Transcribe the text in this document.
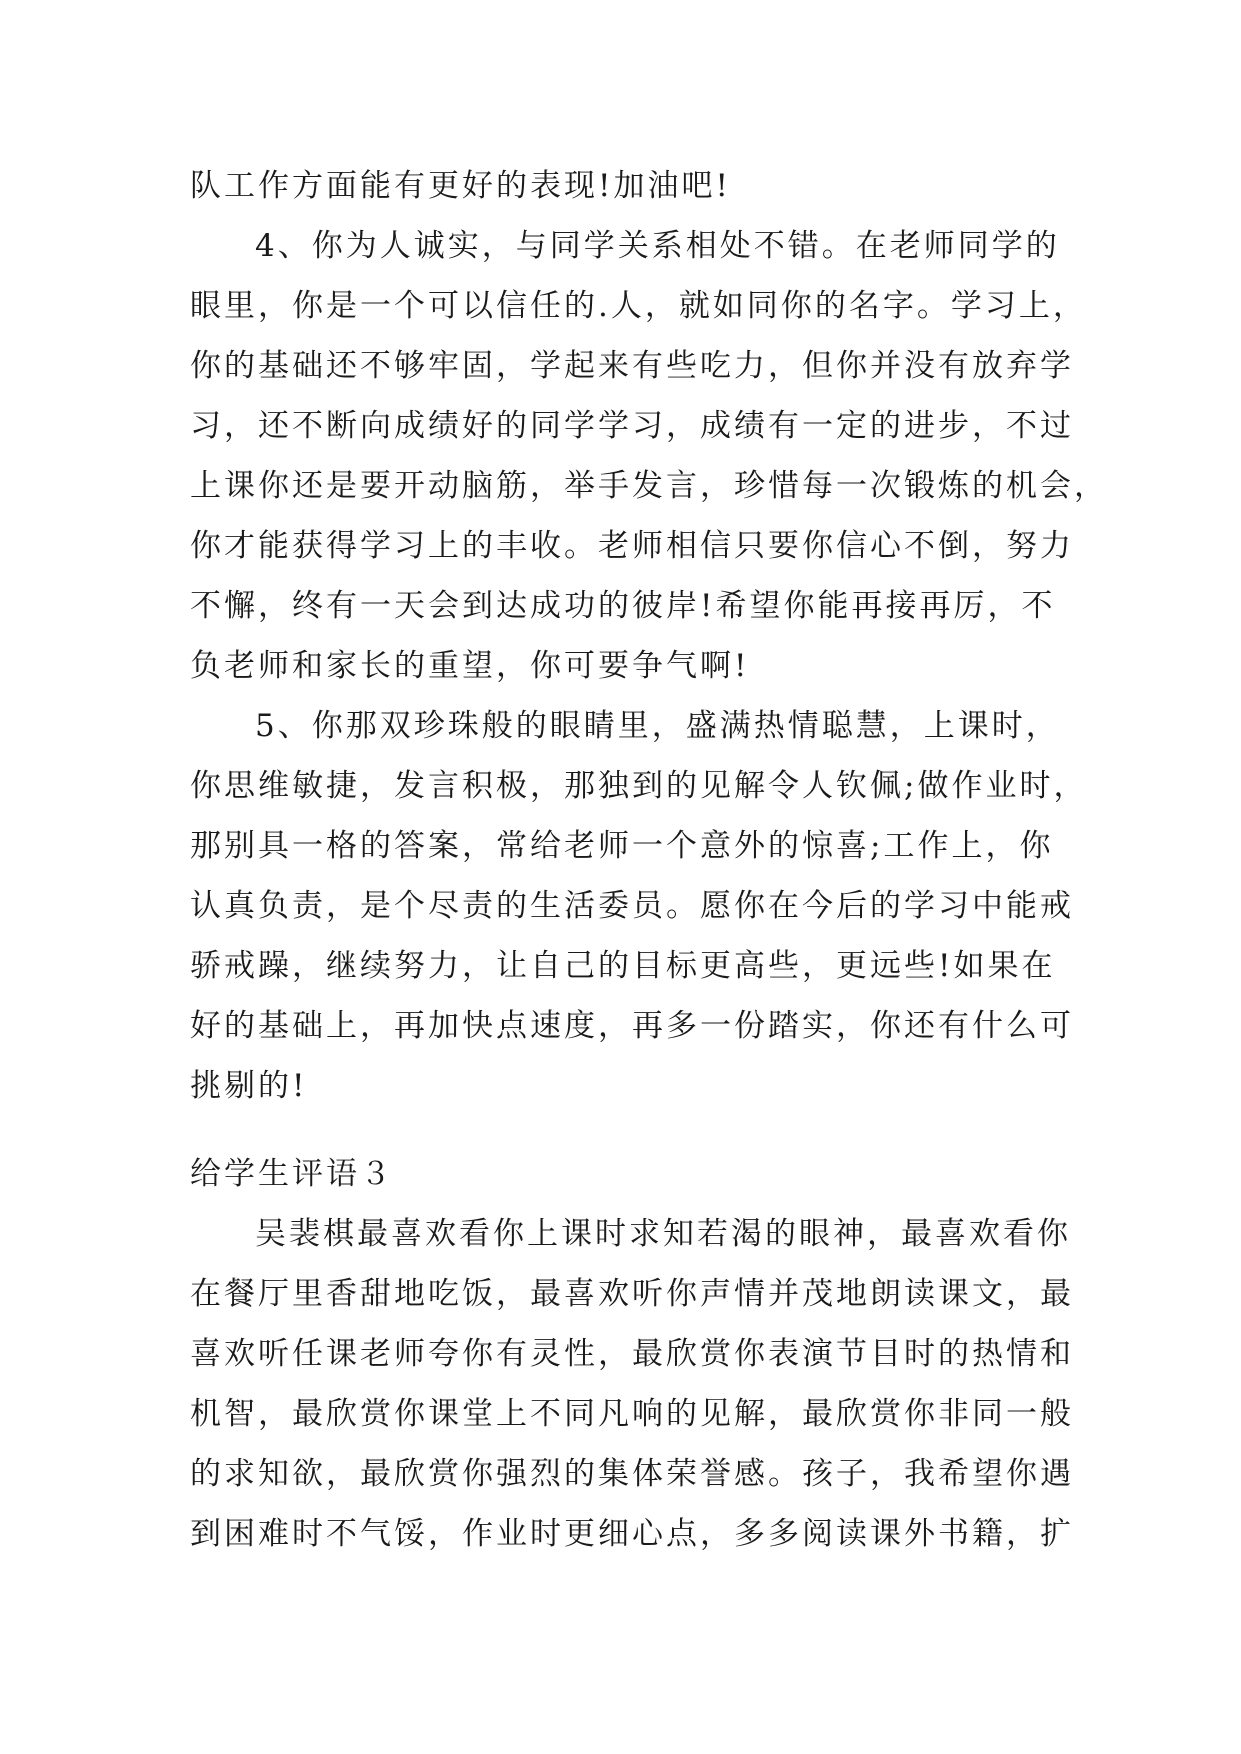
队工作方面能有更好的表现!加油吧!
4、你为人诚实，与同学关系相处不错。在老师同学的
眼里，你是一个可以信任的.人，就如同你的名字。学习上，
你的基础还不够牢固，学起来有些吃力，但你并没有放弃学
习，还不断向成绩好的同学学习，成绩有一定的进步，不过
上课你还是要开动脑筋，举手发言，珍惜每一次锻炼的机会，
你才能获得学习上的丰收。老师相信只要你信心不倒，努力
不懈，终有一天会到达成功的彼岸!希望你能再接再厉，不
负老师和家长的重望，你可要争气啊!
5、你那双珍珠般的眼睛里，盛满热情聪慧，上课时，
你思维敏捷，发言积极，那独到的见解令人钦佩;做作业时，
那别具一格的答案，常给老师一个意外的惊喜;工作上，你
认真负责，是个尽责的生活委员。愿你在今后的学习中能戒
骄戒躁，继续努力，让自己的目标更高些，更远些!如果在
好的基础上，再加快点速度，再多一份踏实，你还有什么可
挑剔的!
给学生评语３
吴裴棋最喜欢看你上课时求知若渴的眼神，最喜欢看你
在餐厅里香甜地吃饭，最喜欢听你声情并茂地朗读课文，最
喜欢听任课老师夸你有灵性，最欣赏你表演节目时的热情和
机智，最欣赏你课堂上不同凡响的见解，最欣赏你非同一般
的求知欲，最欣赏你强烈的集体荣誉感。孩子，我希望你遇
到困难时不气馁，作业时更细心点，多多阅读课外书籍，扩
